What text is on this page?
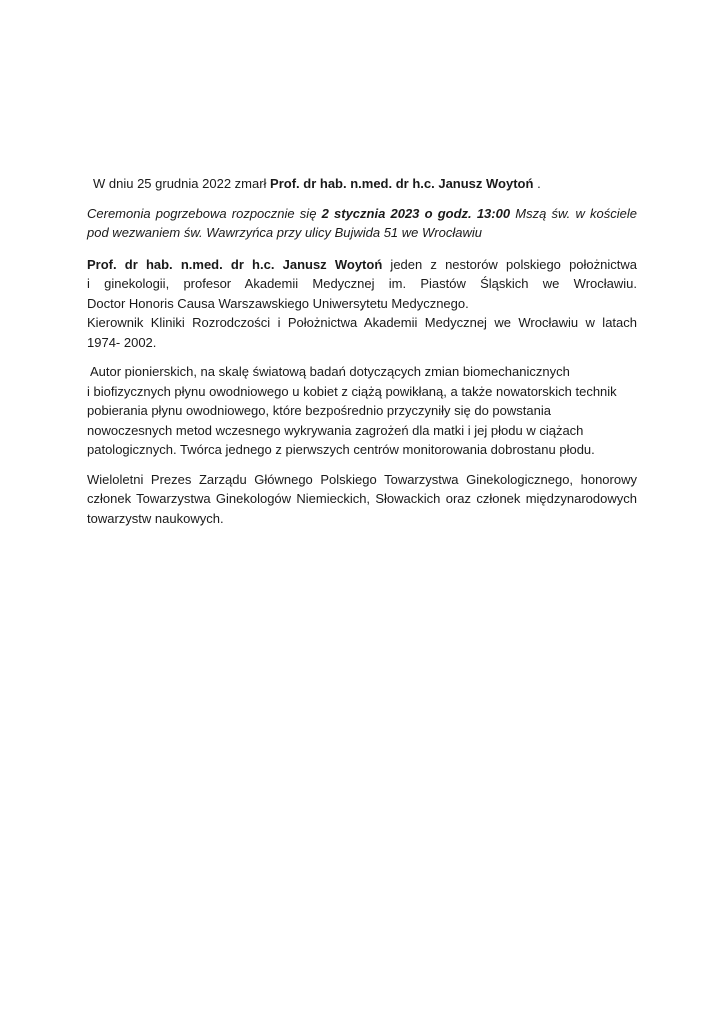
W dniu 25 grudnia 2022 zmarł Prof. dr hab. n.med. dr h.c. Janusz Woytoń .

Ceremonia pogrzebowa rozpocznie się 2 stycznia 2023 o godz. 13:00 Mszą św. w kościele
pod wezwaniem św. Wawrzyńca przy ulicy Bujwida 51 we Wrocławiu

Prof. dr hab. n.med. dr h.c. Janusz Woytoń jeden z nestorów polskiego położnictwa
i ginekologii, profesor Akademii Medycznej im. Piastów Śląskich we Wrocławiu.
Doctor Honoris Causa Warszawskiego Uniwersytetu Medycznego.
Kierownik Kliniki Rozrodczości i Położnictwa Akademii Medycznej we Wrocławiu w latach
1974- 2002.

Autor pionierskich, na skalę światową badań dotyczących zmian biomechanicznych
i biofizycznych płynu owodniowego u kobiet z ciążą powikłaną, a także nowatorskich technik
pobierania płynu owodniowego, które bezpośrednio przyczyniły się do powstania
nowoczesnych metod wczesnego wykrywania zagrożeń dla matki i jej płodu w ciążach
patologicznych. Twórca jednego z pierwszych centrów monitorowania dobrostanu płodu.

Wieloletni Prezes Zarządu Głównego Polskiego Towarzystwa Ginekologicznego, honorowy
członek Towarzystwa Ginekologów Niemieckich, Słowackich oraz członek międzynarodowych
towarzystw naukowych.
